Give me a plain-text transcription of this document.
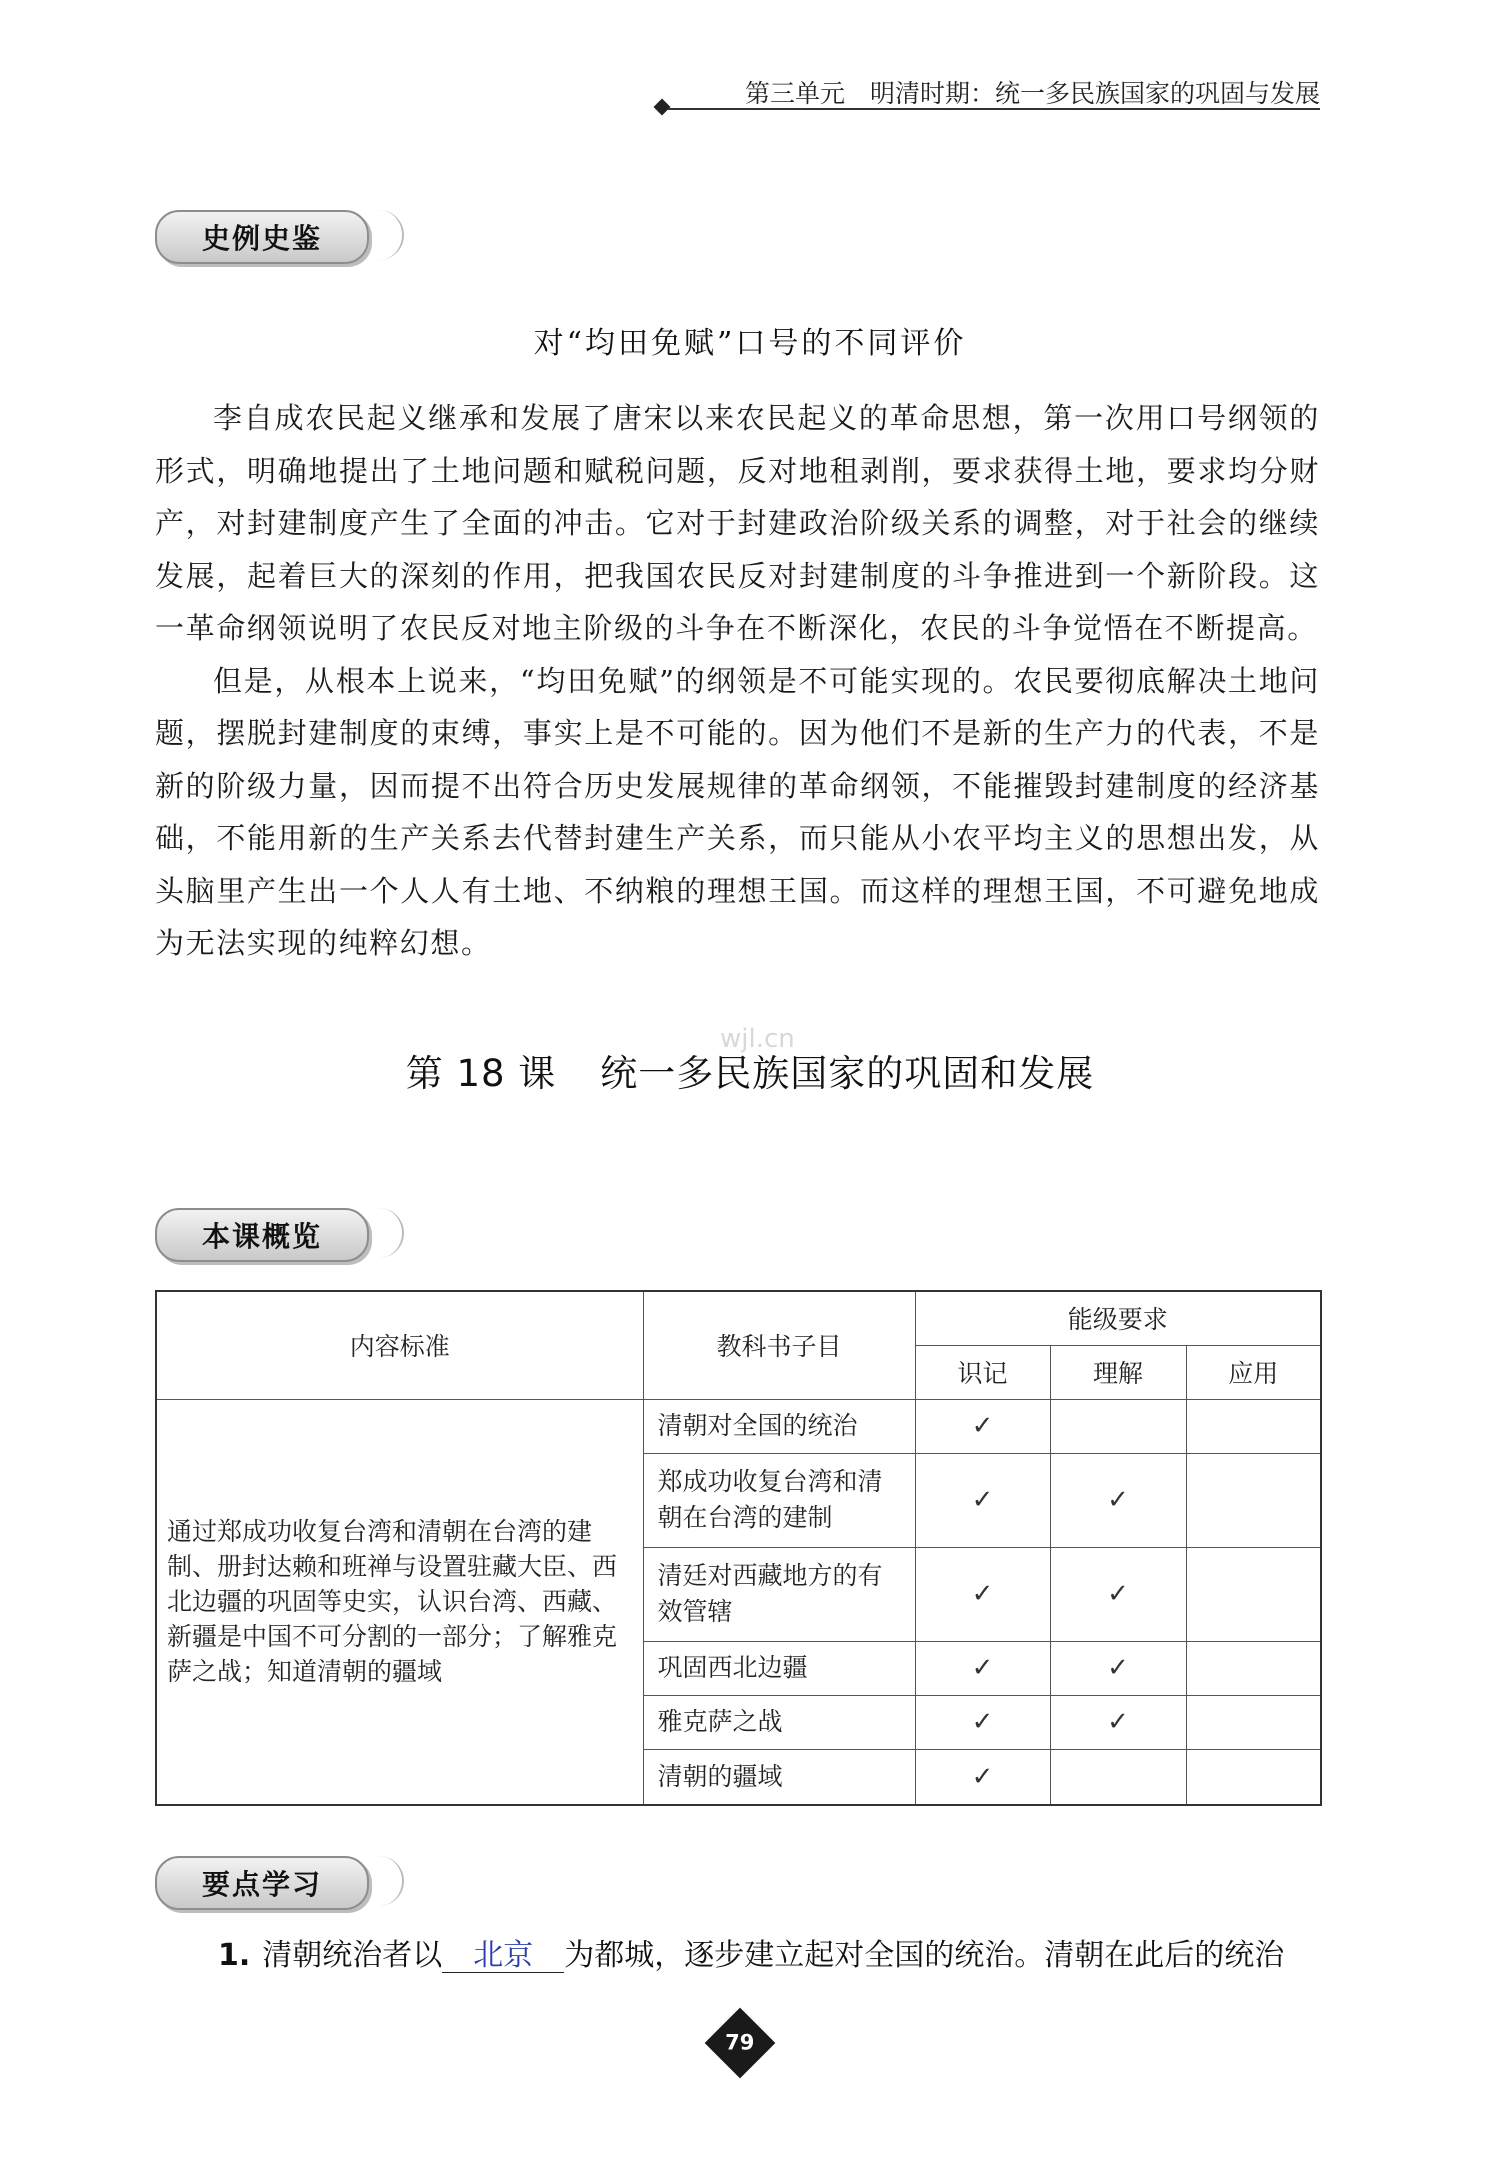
第三单元　明清时期：统一多民族国家的巩固与发展
史例史鉴
对“均田免赋”口号的不同评价

李自成农民起义继承和发展了唐宋以来农民起义的革命思想，第一次用口号纲领的形式，明确地提出了土地问题和赋税问题，反对地租剥削，要求获得土地，要求均分财产，对封建制度产生了全面的冲击。它对于封建政治阶级关系的调整，对于社会的继续发展，起着巨大的深刻的作用，把我国农民反对封建制度的斗争推进到一个新阶段。这一革命纲领说明了农民反对地主阶级的斗争在不断深化，农民的斗争觉悟在不断提高。

但是，从根本上说来，“均田免赋”的纲领是不可能实现的。农民要彻底解决土地问题，摆脱封建制度的束缚，事实上是不可能的。因为他们不是新的生产力的代表，不是新的阶级力量，因而提不出符合历史发展规律的革命纲领，不能摧毁封建制度的经济基础，不能用新的生产关系去代替封建生产关系，而只能从小农平均主义的思想出发，从头脑里产生出一个人人有土地、不纳粮的理想王国。而这样的理想王国，不可避免地成为无法实现的纯粹幻想。

wjl.cn
第 18 课 统一多民族国家的巩固和发展
本课概览
内容标准	教科书子目	能级要求		
		识记	理解	应用
通过郑成功收复台湾和清朝在台湾的建制、册封达赖和班禅与设置驻藏大臣、西北边疆的巩固等史实，认识台湾、西藏、新疆是中国不可分割的一部分；了解雅克萨之战；知道清朝的疆域	清朝对全国的统治	✓		
	郑成功收复台湾和清朝在台湾的建制	✓	✓	
	清廷对西藏地方的有效管辖	✓	✓	
	巩固西北边疆	✓	✓	
	雅克萨之战	✓	✓	
	清朝的疆域	✓		
要点学习
1. 清朝统治者以 北京 为都城，逐步建立起对全国的统治。清朝在此后的统治
79
